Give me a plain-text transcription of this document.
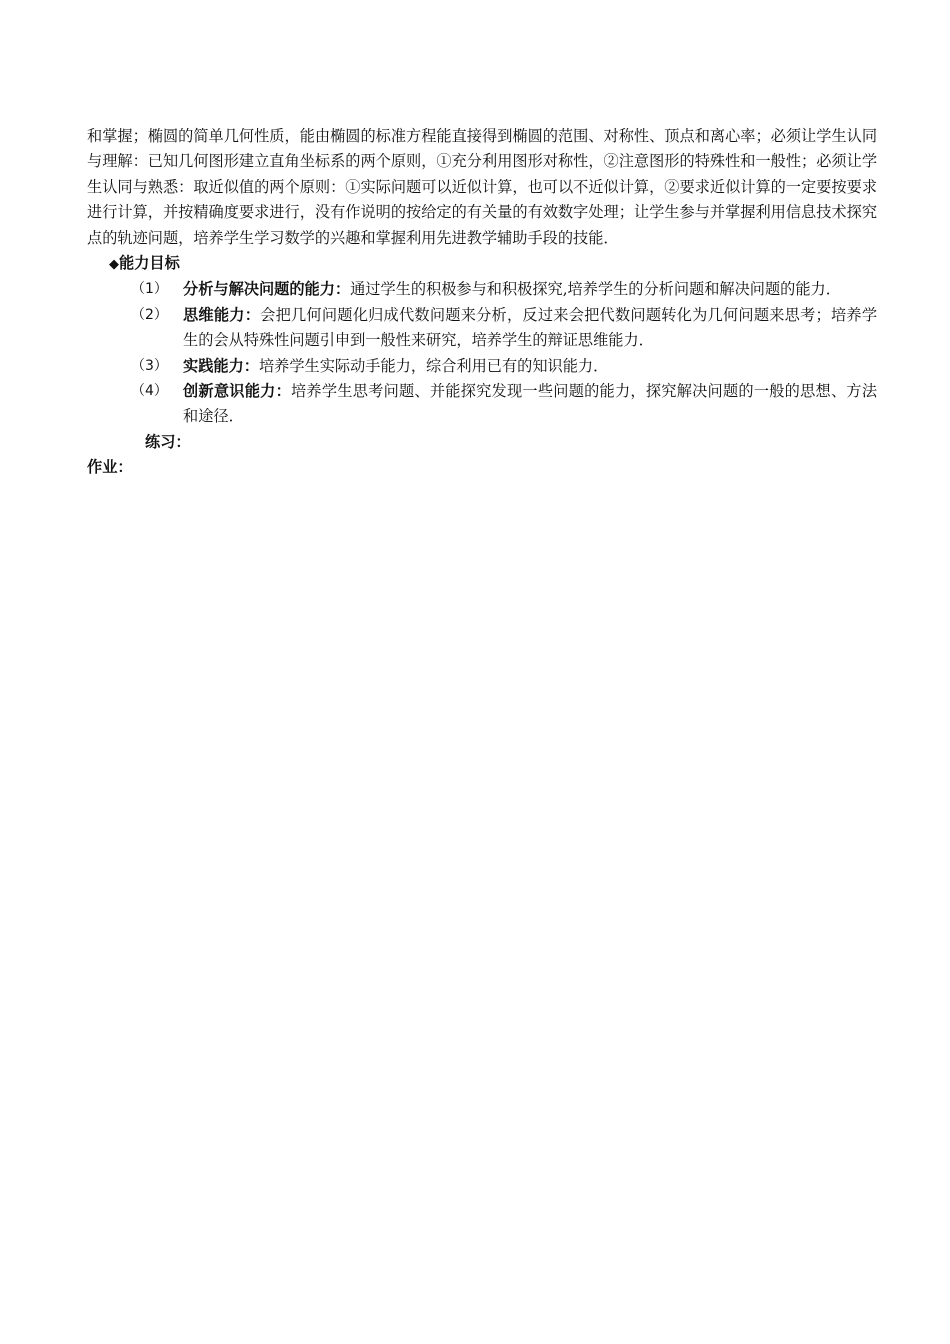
和掌握；椭圆的简单几何性质，能由椭圆的标准方程能直接得到椭圆的范围、对称性、顶点和离心率；必须让学生认同与理解：已知几何图形建立直角坐标系的两个原则，①充分利用图形对称性，②注意图形的特殊性和一般性；必须让学生认同与熟悉：取近似值的两个原则：①实际问题可以近似计算，也可以不近似计算，②要求近似计算的一定要按要求进行计算，并按精确度要求进行，没有作说明的按给定的有关量的有效数字处理；让学生参与并掌握利用信息技术探究点的轨迹问题，培养学生学习数学的兴趣和掌握利用先进教学辅助手段的技能．

◆能力目标

（1） 分析与解决问题的能力：通过学生的积极参与和积极探究,培养学生的分析问题和解决问题的能力．
（2） 思维能力：会把几何问题化归成代数问题来分析，反过来会把代数问题转化为几何问题来思考；培养学生的会从特殊性问题引申到一般性来研究，培养学生的辩证思维能力．
（3） 实践能力：培养学生实际动手能力，综合利用已有的知识能力．
（4） 创新意识能力：培养学生思考问题、并能探究发现一些问题的能力，探究解决问题的一般的思想、方法和途径．

练习：

作业：
